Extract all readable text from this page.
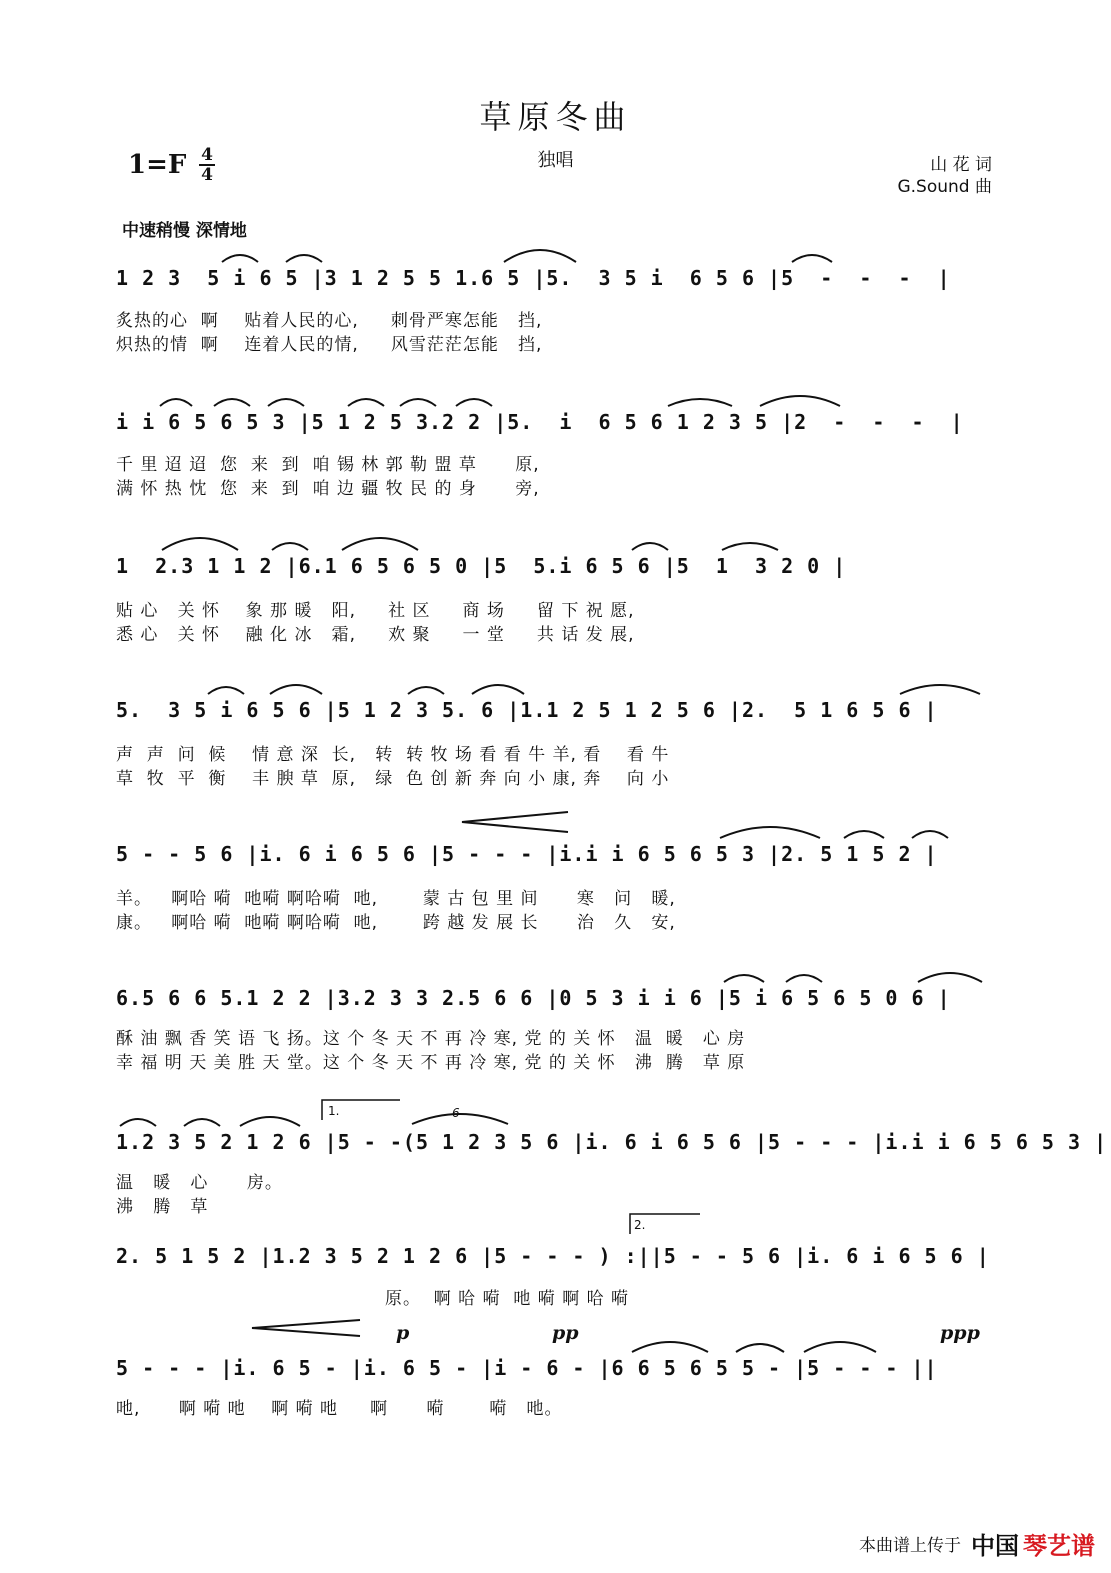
草原冬曲
1=F 4
4
独唱	山 花 词
G.Sound 曲
中速稍慢 深情地
1 2 3  5 i 6 5 |3 1 2 5 5 1.6 5 |5.  3 5 i  6 5 6 |5  -  -  -  |
炙热的心  啊    贴着人民的心,     刺骨严寒怎能   挡,
炽热的情  啊    连着人民的情,     风雪茫茫怎能   挡,
i i 6 5 6 5 3 |5 1 2 5 3.2 2 |5.  i  6 5 6 1 2 3 5 |2  -  -  -  |
千 里 迢 迢  您  来  到  咱 锡 林 郭 勒 盟 草      原,
满 怀 热 忱  您  来  到  咱 边 疆 牧 民 的 身      旁,
1  2.3 1 1 2 |6.1 6 5 6 5 0 |5  5.i 6 5 6 |5  1  3 2 0 |
贴 心   关 怀    象 那 暖   阳,     社 区     商 场     留 下 祝 愿,
悉 心   关 怀    融 化 冰   霜,     欢 聚     一 堂     共 话 发 展,
5.  3 5 i 6 5 6 |5 1 2 3 5. 6 |1.1 2 5 1 2 5 6 |2.  5 1 6 5 6 |
声  声  问  候    情 意 深  长,   转  转 牧 场 看 看 牛 羊, 看    看 牛
草  牧  平  衡    丰 腴 草  原,   绿  色 创 新 奔 向 小 康, 奔    向 小
5 - - 5 6 |i. 6 i 6 5 6 |5 - - - |i.i i 6 5 6 5 3 |2. 5 1 5 2 |
羊。   啊哈 嗬  吔嗬 啊哈嗬  吔,       蒙 古 包 里 间      寒   问   暖,
康。   啊哈 嗬  吔嗬 啊哈嗬  吔,       跨 越 发 展 长      治   久   安,
6.5 6 6 5.1 2 2 |3.2 3 3 2.5 6 6 |0 5 3 i i 6 |5 i 6 5 6 5 0 6 |
酥 油 飘 香 笑 语 飞 扬。这 个 冬 天 不 再 冷 寒, 党 的 关 怀   温  暖   心 房
幸 福 明 天 美 胜 天 堂。这 个 冬 天 不 再 冷 寒, 党 的 关 怀   沸  腾   草 原
1.2 3 5 2 1 2 6 |5 - -(5 1 2 3 5 6 |i. 6 i 6 5 6 |5 - - - |i.i i 6 5 6 5 3 |
温   暖   心      房。
沸   腾   草
2. 5 1 5 2 |1.2 3 5 2 1 2 6 |5 - - - ) :||5 - - 5 6 |i. 6 i 6 5 6 |
原。  啊 哈 嗬  吔 嗬 啊 哈 嗬
5 - - - |i. 6 5 - |i. 6 5 - |i - 6 - |6 6 5 6 5 5 - |5 - - - ||
吔,      啊 嗬 吔    啊 嗬 吔     啊      嗬       嗬   吔。
p	pp	ppp
1.
2.
6
本曲谱上传于 中国 琴艺谱
